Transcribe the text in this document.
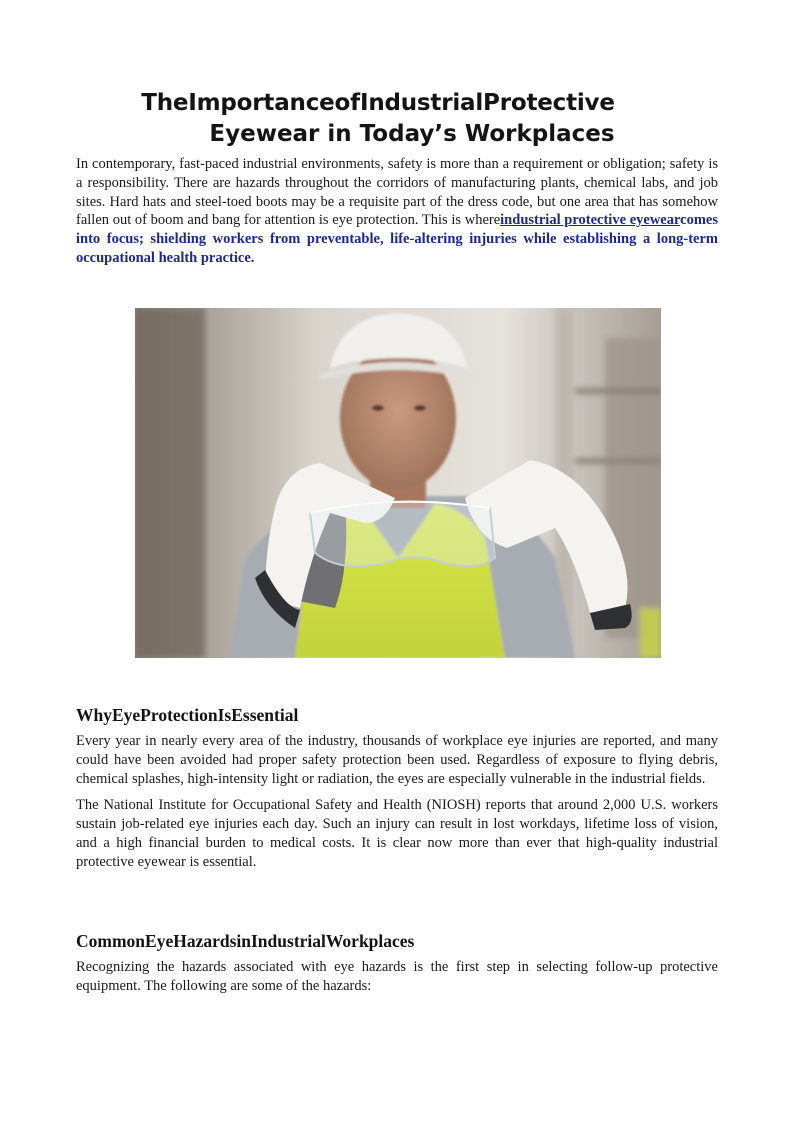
TheImportanceofIndustrialProtective
Eyewear in Today’s Workplaces

In contemporary, fast-paced industrial environments, safety is more than a requirement or obligation; safety is a responsibility. There are hazards throughout the corridors of manufacturing plants, chemical labs, and job sites. Hard hats and steel-toed boots may be a requisite part of the dress code, but one area that has somehow fallen out of boom and bang for attention is eye protection. This is whereindustrial protective eyewearcomes into focus; shielding workers from preventable, life-altering injuries while establishing a long-term occupational health practice.

WhyEyeProtectionIsEssential

Every year in nearly every area of the industry, thousands of workplace eye injuries are reported, and many could have been avoided had proper safety protection been used. Regardless of exposure to flying debris, chemical splashes, high-intensity light or radiation, the eyes are especially vulnerable in the industrial fields.

The National Institute for Occupational Safety and Health (NIOSH) reports that around 2,000 U.S. workers sustain job-related eye injuries each day. Such an injury can result in lost workdays, lifetime loss of vision, and a high financial burden to medical costs. It is clear now more than ever that high-quality industrial protective eyewear is essential.

CommonEyeHazardsinIndustrialWorkplaces

Recognizing the hazards associated with eye hazards is the first step in selecting follow-up protective equipment. The following are some of the hazards:
